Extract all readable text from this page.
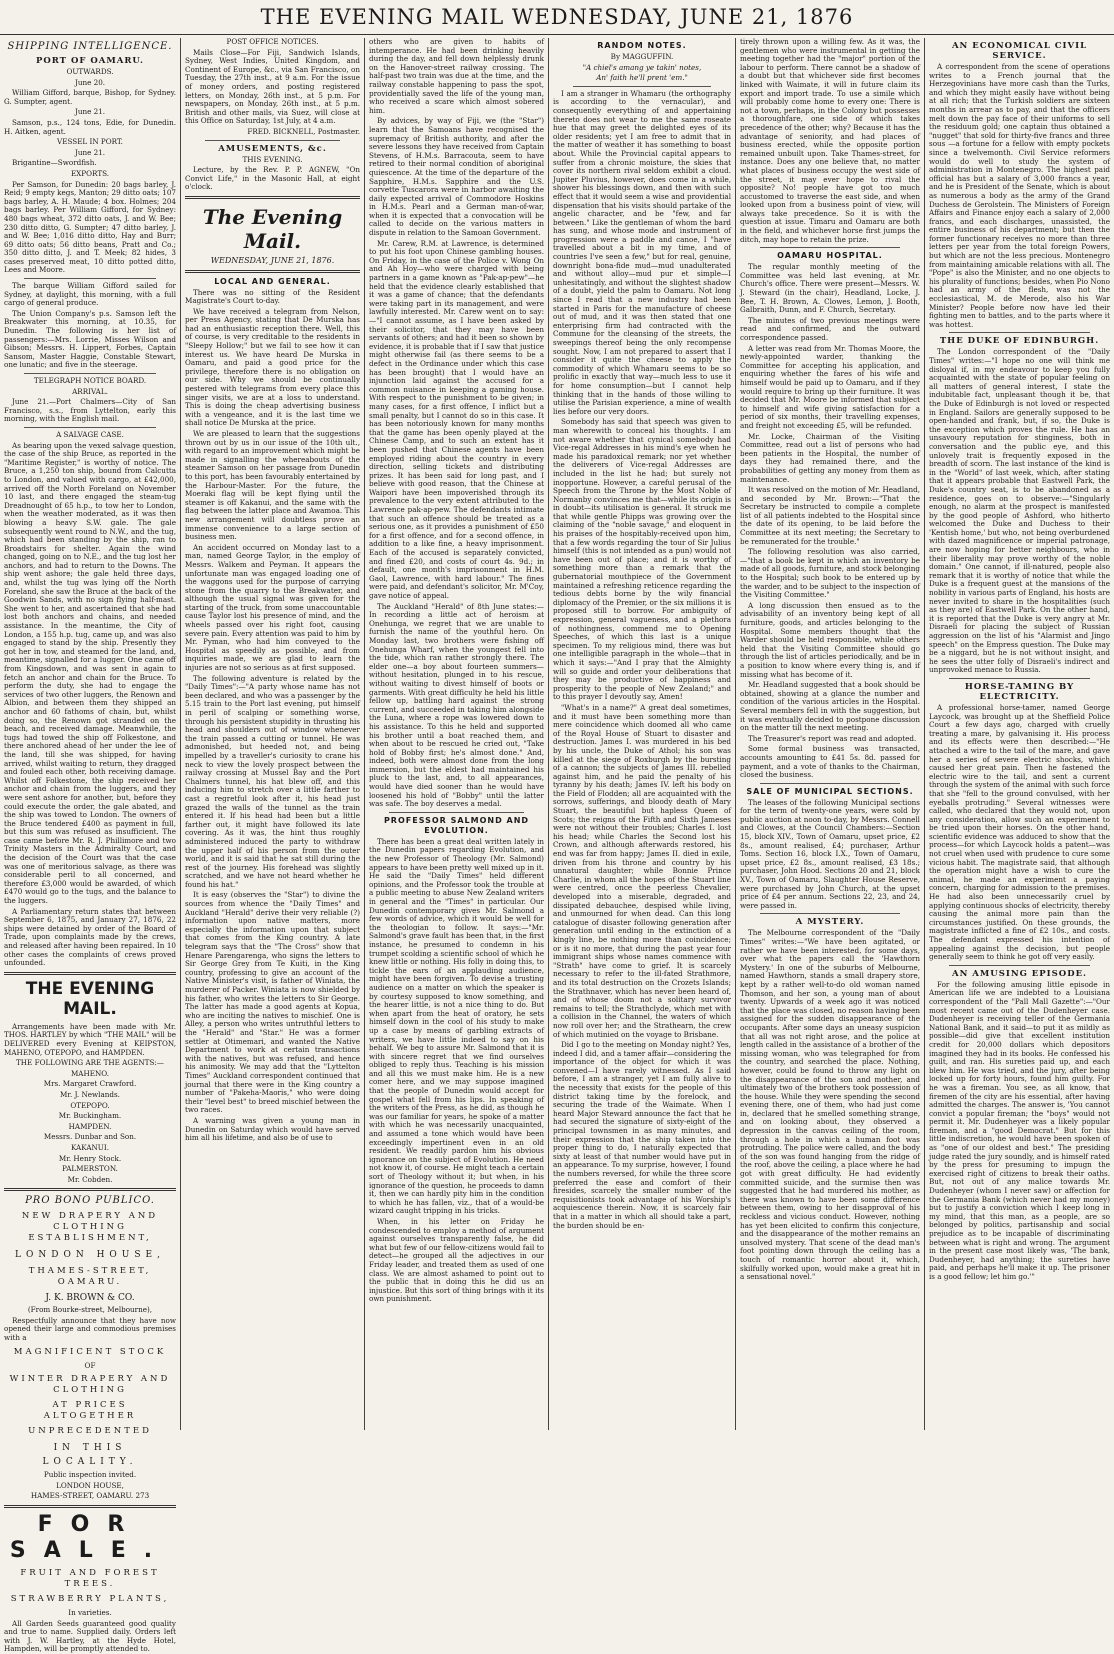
THE EVENING MAIL WEDNESDAY, JUNE 21, 1876
SHIPPING INTELLIGENCE.
PORT OF OAMARU.

OUTWARDS.

June 20.

William Gifford, barque, Bishop, for Sydney. G. Sumpter, agent.

June 21.

Samson, p.s., 124 tons, Edie, for Dunedin. H. Aitken, agent.

VESSEL IN PORT.

June 21.

Brigantine—Swordfish.

EXPORTS.

Per Samson, for Dunedin: 20 bags barley, J. Reid; 9 empty kegs, Manton; 29 ditto oats; 107 bags barley, A. H. Maude; 4 box. Holmes; 204 bags barley. Per William Gifford, for Sydney: 480 bags wheat, 372 ditto oats, J. and W. Bee; 230 ditto ditto, G. Sumpter; 47 ditto barley, J. and W. Bee; 1,016 ditto ditto, Hay and Burr; 69 ditto oats; 56 ditto beans, Pratt and Co.; 350 ditto ditto, J. and T. Meek; 82 hides, 3 cases preserved meat, 10 ditto potted ditto, Lees and Moore.

The barque William Gifford sailed for Sydney, at daylight, this morning, with a full cargo of general produce.

The Union Company's p.s. Samson left the Breakwater this morning, at 10.35, for Dunedin. The following is her list of passengers:—Mrs. Lorrie, Misses Wilson and Gibson; Messrs. H. Lippert, Forbes, Captain Sansom, Master Haggie, Constable Stewart, one lunatic; and five in the steerage.

TELEGRAPH NOTICE BOARD.

ARRIVAL.

June 21.—Port Chalmers—City of San Francisco, s.s., from Lyttelton, early this morning, with the English mail.

A SALVAGE CASE.

As bearing upon the vexed salvage question, the case of the ship Bruce, as reported in the "Maritime Register," is worthy of notice. The Bruce, a 1,250 ton ship, bound from Calcutta to London, and valued with cargo, at £42,000, arrived off the North Foreland on November 10 last, and there engaged the steam-tug Dreadnought of 65 h.p., to tow her to London, when the weather moderated, as it was then blowing a heavy S.W. gale. The gale subsequently went round to N.W., and the tug, which had been standing by the ship, ran to Broadstairs for shelter. Again the wind changed, going on to N.E., and the tug lost her anchors, and had to return to the Downs. The ship went ashore; the gale held three days, and, whilst the tug was lying off the North Foreland, she saw the Bruce at the back of the Goodwin Sands, with no sign flying half-mast. She went to her, and ascertained that she had lost both anchors and chains, and needed assistance. In the meantime, the City of London, a 155 h.p. tug, came up, and was also engaged to stand by the ship. Presently they got her in tow, and steamed for the land, and, meantime, signalled for a lugger. One came off from Kingsdown, and was sent in again to fetch an anchor and chain for the Bruce. To perform the duty, she had to engage the services of two other luggers, the Renown and Albion, and between them they shipped an anchor and 60 fathoms of chain, but, whilst doing so, the Renown got stranded on the beach, and received damage. Meanwhile, the tugs had towed the ship off Folkestone, and there anchored ahead of her under the lee of the land, till she was shipped, for having arrived, whilst waiting to return, they dragged and fouled each other, both receiving damage. Whilst off Folkestone, the ship received her anchor and chain from the luggers, and they were sent ashore for another, but, before they could execute the order, the gale abated, and the ship was towed to London. The owners of the Bruce tendered £400 as payment in full, but this sum was refused as insufficient. The case came before Mr. R. J. Phillimore and two Trinity Masters in the Admiralty Court, and the decision of the Court was that the case was one of meritorious salvage, as there was considerable peril to all concerned, and therefore £3,000 would be awarded, of which £470 would go to the tugs, and the balance to the luggers.

A Parliamentary return states that between September 6, 1875, and January 27, 1876, 22 ships were detained by order of the Board of Trade, upon complaints made by the crews, and released after having been repaired. In 10 other cases the complaints of crews proved unfounded.

THE EVENING MAIL.

Arrangements have been made with Mr. THOS. HARTLEY by which "THE MAIL" will be DELIVERED every Evening at KEIPSTON, MAHENO, OTEPOPO, and HAMPDEN.

THE FOLLOWING ARE THE AGENTS:—

MAHENO.

Mrs. Margaret Crawford.

Mr. J. Newlands.

OTEPOPO.

Mr. Buckingham.

HAMPDEN.

Messrs. Dunbar and Son.

KAKANUI.

Mr. Henry Stock.

PALMERSTON.

Mr. Cobden.

PRO BONO PUBLICO.

NEW DRAPERY AND CLOTHING ESTABLISHMENT,

LONDON HOUSE,

THAMES-STREET, OAMARU.

J. K. BROWN & CO.

(From Bourke-street, Melbourne),

Respectfully announce that they have now opened their large and commodious premises with a

MAGNIFICENT STOCK

OF

WINTER DRAPERY AND CLOTHING

AT PRICES ALTOGETHER

UNPRECEDENTED

IN THIS LOCALITY.

Public inspection invited.

LONDON HOUSE,

HAMES-STREET, OAMARU. 273

FOR SALE.

FRUIT AND FOREST TREES.

STRAWBERRY PLANTS,

In varieties.

All Garden Seeds guaranteed good quality and true to name. Supplied daily. Orders left with J. W. Hartley, at the Hyde Hotel, Hampden, will be promptly attended to.

POST OFFICE NOTICES.

Mails Close—For Fiji, Sandwich Islands, Sydney, West Indies, United Kingdom, and Continent of Europe, &c., via San Francisco, on Tuesday, the 27th inst., at 9 a.m. For the issue of money orders, and posting registered letters, on Monday, 26th inst., at 5 p.m. For newspapers, on Monday, 26th inst., at 5 p.m. British and other mails, via Suez, will close at this Office on Saturday, 1st July, at 4 a.m.

FRED. BICKNELL, Postmaster.

AMUSEMENTS, &c.

THIS EVENING.

Lecture, by the Rev. P. P. AGNEW, "On Convict Life," in the Masonic Hall, at eight o'clock.

The Evening Mail.

WEDNESDAY, JUNE 21, 1876.

LOCAL AND GENERAL.

There was no sitting of the Resident Magistrate's Court to-day.

We have received a telegram from Nelson, per Press Agency, stating that De Murska has had an enthusiastic reception there. Well, this of course, is very creditable to the residents in "Sleepy Hollow;" but we fail to see how it can interest us. We have heard De Murska in Oamaru, and paid a good price for the privilege, therefore there is no obligation on our side. Why we should be continually pestered with telegrams from every place this singer visits, we are at a loss to understand. This is doing the cheap advertising business with a vengeance, and it is the last time we shall notice De Murska at the price.

We are pleased to learn that the suggestions thrown out by us in our issue of the 10th ult., with regard to an improvement which might be made in signalling the whereabouts of the steamer Samson on her passage from Dunedin to this port, has been favourably entertained by the Harbour-Master. For the future, the Moeraki flag will be kept flying until the steamer is off Kakanui, and the same with the flag between the latter place and Awamoa. This new arrangement will doubtless prove an immense convenience to a large section of business men.

An accident occurred on Monday last to a man, named George Taylor, in the employ of Messrs. Walkem and Peyman. It appears the unfortunate man was engaged loading one of the waggons used for the purpose of carrying stone from the quarry to the Breakwater, and although the usual signal was given for the starting of the truck, from some unaccountable cause Taylor lost his presence of mind, and the wheels passed over his right foot, causing severe pain. Every attention was paid to him by Mr. Pyman, who had him conveyed to the Hospital as speedily as possible, and from inquiries made, we are glad to learn the injuries are not so serious as at first supposed.

The following adventure is related by the "Daily Times":—"A party whose name has not been declared, and who was a passenger by the 5.15 train to the Port last evening, put himself in peril of scalping or something worse, through his persistent stupidity in thrusting his head and shoulders out of window whenever the train passed a cutting or tunnel. He was admonished, but heeded not, and being impelled by a traveller's curiosity to crane his neck to view the lovely prospect between the railway crossing at Mussel Bay and the Port Chalmers tunnel, his hat blew off, and this inducing him to stretch over a little farther to cast a regretful look after it, his head just grazed the walls of the tunnel as the train entered it. If his head had been but a little farther out, it might have followed its late covering. As it was, the hint thus roughly administered induced the party to withdraw the upper half of his person from the outer world, and it is said that he sat still during the rest of the journey. His forehead was slightly scratched, and we have not heard whether he found his hat."

It is easy (observes the "Star") to divine the sources from whence the "Daily Times" and Auckland "Herald" derive their very reliable (?) information upon native matters, more especially the information upon that subject that comes from the King country. A late telegram says that the "The Cross" show that Henare Parengarenga, who signs the letters to Sir George Grey from Te Kuiti, in the King country, professing to give an account of the Native Minister's visit, is father of Winiata, the murderer of Packer. Winiata is now shielded by his father, who writes the letters to Sir George. The latter has made a good agents at Kopua, who are inciting the natives to mischief. One is Alley, a person who writes untruthful letters to the "Herald" and "Star." He was a former settler at Otimemari, and wanted the Native Department to work at certain transactions with the natives, but was refused, and hence his animosity. We may add that the "Lyttelton Times" Auckland correspondent continued that journal that there were in the King country a number of "Pakeha-Maoris," who were doing their "level best" to breed mischief between the two races.

A warning was given a young man in Dunedin on Saturday which would have served him all his lifetime, and also be of use to

others who are given to habits of intemperance. He had been drinking heavily during the day, and fell down helplessly drunk on the Hanover-street railway crossing. The half-past two train was due at the time, and the railway constable happening to pass the spot, providentially saved the life of the young man, who received a scare which almost sobered him.

By advices, by way of Fiji, we (the "Star") learn that the Samoans have recognised the supremacy of British authority, and after the severe lessons they have received from Captain Stevens, of H.M.s. Barracouta, seem to have retired to their normal condition of aboriginal quiescence. At the time of the departure of the Sapphire, H.M.s. Sapphire and the U.S. corvette Tuscarora were in harbor awaiting the daily expected arrival of Commodore Hoskins in H.M.s. Pearl and a German man-of-war, when it is expected that a convocation will be called to decide on the various matters in dispute in relation to the Samoan Government.

Mr. Carew, R.M. at Lawrence, is determined to put his foot upon Chinese gambling houses. On Friday, in the case of the Police v. Wong On and Ah Hoy—who were charged with being partners in a game known as "Pak-ap-pew"—he held that the evidence clearly established that it was a game of chance; that the defendants were taking part in its management, and were lawfully interested. Mr. Carew went on to say:—"I cannot assume, as I have been asked by their solicitor, that they may have been servants of others; and had it been so shown by evidence, it is probable that if I saw that justice might otherwise fail (as there seems to be a defect in the Ordinance under which this case has been brought) that I would have an injunction laid against the accused for a common nuisance in keeping a gaming house. With respect to the punishment to be given; in many cases, for a first offence, I inflict but a small penalty, but I cannot do so in this case. It has been notoriously known for many months that the game has been openly played at the Chinese Camp, and to such an extent has it been pushed that Chinese agents have been employed riding about the country in every direction, selling tickets and distributing prizes. It has been said for long past, and I believe with good reason, that the Chinese at Waipori have been impoverished through its prevalence to the very extent attributed to the Lawrence pak-ap-pew. The defendants intimate that such an offence should be treated as a serious one, as it provides a punishment of £50 for a first offence, and for a second offence, in addition to a like fine, a heavy imprisonment. Each of the accused is separately convicted, and fined £20, and costs of court 4s. 9d.; in default, one month's imprisonment in H.M. Gaol, Lawrence, with hard labour." The fines were paid, and defendant's solicitor, Mr. M'Coy, gave notice of appeal.

The Auckland "Herald" of 8th June states:—In recording a little act of heroism at Onehunga, we regret that we are unable to furnish the name of the youthful hero. On Monday last, two brothers were fishing off Onehunga Wharf, when the youngest fell into the tide, which ran rather strongly there. The elder one—a boy about fourteen summers—without hesitation, plunged in to his rescue, without waiting to divest himself of boots or garments. With great difficulty he held his little fellow up, battling hard against the strong current, and succeeded in taking him alongside the Luna, where a rope was lowered down to his assistance. To this he held and supported his brother until a boat reached them, and when about to be rescued he cried out, "Take hold of Bobby first; he's almost done." And, indeed, both were almost done from the long immersion, but the eldest had maintained his pluck to the last, and, to all appearances, would have died sooner than he would have loosened his hold of "Bobby" until the latter was safe. The boy deserves a medal.

PROFESSOR SALMOND AND EVOLUTION.

There has been a great deal written lately in the Dunedin papers regarding Evolution, and the new Professor of Theology (Mr. Salmond) appears to have been pretty well mixed up in it. He said the "Daily Times" held different opinions, and the Professor took the trouble at a public meeting to abuse New Zealand writers in general and the "Times" in particular. Our Dunedin contemporary gives Mr. Salmond a few words of advice, which it would be well for the theologian to follow. It says:—"Mr. Salmond's grave fault has been that, in the first instance, he presumed to condemn in his trumpet scolding a scientific school of which he knew little or nothing. His folly in doing this, to tickle the ears of an applauding audience, might have been forgiven. To devise a trusting audience on a matter on which the speaker is by courtesy supposed to know something, and the hearer little, is not a nice thing to do. But when apart from the heat of oratory, he sets himself down in the cool of his study to make up a case by means of garbling extracts of writers, we have little indeed to say on his behalf. We beg to assure Mr. Salmond that it is with sincere regret that we find ourselves obliged to reply thus. Teaching is his mission and all this we must make him. He is a new comer here, and we may suppose imagined that the people of Dunedin would accept for gospel what fell from his lips. In speaking of the writers of the Press, as he did, as though he was our familiar for years, he spoke of a matter with which he was necessarily unacquainted, and assumed a tone which would have been exceedingly impertinent even in an old resident. We readily pardon him his obvious ignorance on the subject of Evolution. He need not know it, of course. He might teach a certain sort of Theology without it; but when, in his ignorance of the question, he proceeds to damn it, then we can hardly pity him in the condition to which he has fallen, viz., that of a would-be wizard caught tripping in his tricks.

When, in his letter on Friday he condescended to employ a method of argument against ourselves transparently false, he did what but few of our fellow-citizens would fail to detect—he grouped all the adjectives in our Friday leader, and treated them as used of one class. We are almost ashamed to point out to the public that in doing this he did us an injustice. But this sort of thing brings with it its own punishment.

RANDOM NOTES.

By MAGGUFFIN.

"A chiel's amang ye takin' notes,

An' faith he'll prent 'em."

I am a stranger in Whamaru (the orthography is according to the vernacular), and consequently everything of and appertaining thereto does not wear to me the same roseate hue that may greet the delighted eyes of its older residents; yet I am free to admit that in the matter of weather it has something to boast about. While the Provincial capital appears to suffer from a chronic moisture, the skies that cover its northern rival seldom exhibit a cloud. Jupiter Pluvius, however, does come in a while, shower his blessings down, and then with such effect that it would seem a wise and providential dispensation that his visits should partake of the angelic character, and be "few, and far between." Like the gentleman of whom the bard has sung, and whose mode and instrument of progression were a paddle and canoe, I "have travelled about a bit in my time, and of countries I've seen a few," but for real, genuine, downright bona-fide mud—mud unadulterated and without alloy—mud pur et simple—I unhesitatingly, and without the slightest shadow of a doubt, yield the palm to Oamaru. Not long since I read that a new industry had been started in Paris for the manufacture of cheese out of mud, and it was then stated that one enterprising firm had contracted with the Commune for the cleansing of the streets, the sweepings thereof being the only recompense sought. Now, I am not prepared to assert that I consider it quite the cheese to apply the commodity of which Whamaru seems to be so prolific in exactly that way—much less to use it for home consumption—but I cannot help thinking that in the hands of those willing to utilise the Parisian experience, a mine of wealth lies before our very doors.

Somebody has said that speech was given to man wherewith to conceal his thoughts. I am not aware whether that cynical somebody had Vice-regal Addresses in his mind's eye when he made his paradoxical remark; nor yet whether the deliverers of Vice-regal Addresses are included in the list he had; but surely not inopportune. However, a careful perusal of the Speech from the Throne by the Most Noble of Normanby convinces me that—while its origin is in doubt—its utilisation is general. It struck me that while gentle Phipps was growing over the claiming of the "noble savage," and eloquent in his praises of the hospitably-received upon him, that a few words regarding the tour of Sir Julius himself (this is not intended as a pun) would not have been out of place; and it is worthy of something more than a remark that the gubernatorial mouthpiece of the Government maintained a refreshing reticence regarding the tedious debts borne by the wily financial diplomacy of the Premier, or the six millions it is proposed still to borrow. For ambiguity of expression, general vagueness, and a plethora of nothingness, commend me to Opening Speeches, of which this last is a unique specimen. To my religious mind, there was but one intelligible paragraph in the whole—that in which it says:—"And I pray that the Almighty will so guide and order your deliberations that they may be productive of happiness and prosperity to the people of New Zealand;" and to this prayer I devoutly say, Amen!

"What's in a name?" A great deal sometimes, and it must have been something more than mere coincidence which doomed all who came of the Royal House of Stuart to disaster and destruction. James I. was murdered in his bed by his uncle, the Duke of Athol; his son was killed at the siege of Roxburgh by the bursting of a cannon; the subjects of James III. rebelled against him, and he paid the penalty of his tyranny by his death; James IV. left his body on the Field of Flodden; all are acquainted with the sorrows, sufferings, and bloody death of Mary Stuart, the beautiful but hapless Queen of Scots; the reigns of the Fifth and Sixth Jameses were not without their troubles; Charles I. lost his head; while Charles the Second lost his Crown, and although afterwards restored, his end was far from happy; James II. died in exile, driven from his throne and country by his unnatural daughter; while Bonnie Prince Charlie, in whom all the hopes of the Stuart line were centred, once the peerless Chevalier, developed into a miserable, degraded, and dissipated debauchee, despised while living, and unmourned for when dead. Can this long catalogue of disaster following generation after generation until ending in the extinction of a kingly line, be nothing more than coincidence; or is it no more, that during the past year four immigrant ships whose names commence with "Strath" have come to grief. It is scarcely necessary to refer to the ill-fated Strathmore, and its total destruction on the Crozets Islands; the Strathnaver, which has never been heard of, and of whose doom not a solitary survivor remains to tell; the Strathclyde, which met with a collision in the Channel, the waters of which now roll over her; and the Strathearn, the crew of which mutinied on the voyage to Brisbane.

Did I go to the meeting on Monday night? Yes, indeed I did, and a tamer affair—considering the importance of the object for which it was convened—I have rarely witnessed. As I said before, I am a stranger, yet I am fully alive to the necessity that exists for the people of this district taking time by the forelock, and securing the trade of the Waimate. When I heard Major Steward announce the fact that he had secured the signature of sixty-eight of the principal townsmen in as many minutes, and their expression that the ship taken into the proper thing to do, I naturally expected that sixty at least of that number would have put in an appearance. To my surprise, however, I found the numbers reversed, for while the three score preferred the ease and comfort of their firesides, scarcely the smaller number of the requisitionists took advantage of his Worship's acquiescence therein. Now, it is scarcely fair that in a matter in which all should take a part, the burden should be en-

tirely thrown upon a willing few. As it was, the gentlemen who were instrumental in getting the meeting together had the "major" portion of the labour to perform. There cannot be a shadow of a doubt but that whichever side first becomes linked with Waimate, it will in future claim its export and import trade. To use a simile which will probably come home to every one: There is not a town, perhaps, in the Colony but possesses a thoroughfare, one side of which takes precedence of the other; why? Because it has the advantage of seniority, and had places of business erected, while the opposite portion remained unbuilt upon. Take Thames-street, for instance. Does any one believe that, no matter what places of business occupy the west side of the street, it may ever hope to rival the opposite? No! people have got too much accustomed to traverse the east side, and when looked upon from a business point of view, will always take precedence. So it is with the question at issue. Timaru and Oamaru are both in the field, and whichever horse first jumps the ditch, may hope to retain the prize.

OAMARU HOSPITAL.

The regular monthly meeting of the Committee was held last evening, at Mr. Church's office. There were present—Messrs. W. J. Steward (in the chair), Headland, Locke, J. Bee, T. H. Brown, A. Clowes, Lemon, J. Booth, Galbraith, Dunn, and F. Church, Secretary.

The minutes of two previous meetings were read and confirmed, and the outward correspondence passed.

A letter was read from Mr. Thomas Moore, the newly-appointed warder, thanking the Committee for accepting his application, and enquiring whether the fares of his wife and himself would be paid up to Oamaru, and if they would require to bring up their furniture. It was decided that Mr. Moore be informed that subject to himself and wife giving satisfaction for a period of six months, their travelling expenses, and freight not exceeding £5, will be refunded.

Mr. Locke, Chairman of the Visiting Committee, read out a list of persons who had been patients in the Hospital, the number of days they had remained there, and the probabilities of getting any money from them as maintenance.

It was resolved on the motion of Mr. Headland, and seconded by Mr. Brown:—"That the Secretary be instructed to compile a complete list of all patients indebted to the Hospital since the date of its opening, to be laid before the Committee at its next meeting; the Secretary to be remunerated for the trouble."

The following resolution was also carried, —"that a book be kept in which an inventory be made of all goods, furniture, and stock belonging to the Hospital; such book to be entered up by the warder, and to be subject to the inspection of the Visiting Committee."

A long discussion then ensued as to the advisability of an inventory being kept of all furniture, goods, and articles belonging to the Hospital. Some members thought that the Warder should be held responsible, while others held that the Visiting Committee should go through the list of articles periodically, and be in a position to know where every thing is, and if missing what has become of it.

Mr. Headland suggested that a book should be obtained, showing at a glance the number and condition of the various articles in the Hospital. Several members fell in with the suggestion, but it was eventually decided to postpone discussion on the matter till the next meeting.

The Treasurer's report was read and adopted.

Some formal business was transacted, accounts amounting to £41 5s. 8d. passed for payment, and a vote of thanks to the Chairman, closed the business.

SALE OF MUNICIPAL SECTIONS.

The leases of the following Municipal sections for the term of twenty-one years, were sold by public auction at noon to-day, by Messrs. Connell and Clowes, at the Council Chambers:—Section 15, block XIV., Town of Oamaru, upset price, £2 8s., amount realised, £4; purchaser, Arthur Toms. Section 16, block I.X., Town of Oamaru, upset price, £2 8s., amount realised, £3 18s.; purchaser, John Hood. Sections 20 and 21, block XV., Town of Oamaru, Slaughter House Reserve, were purchased by John Church, at the upset price of £4 per annum. Sections 22, 23, and 24, were passed in.

A MYSTERY.

The Melbourne correspondent of the "Daily Times" writes:—"We have been agitated, or rather we have been interested, for some days, over what the papers call the 'Hawthorn Mystery.' In one of the suburbs of Melbourne, named Hawthorn, stands a small drapery store, kept by a rather well-to-do old woman named Thomson, and her son, a young man of about twenty. Upwards of a week ago it was noticed that the place was closed, no reason having been assigned for the sudden disappearance of the occupants. After some days an uneasy suspicion that all was not right arose, and the police at length called in the assistance of a brother of the missing woman, who was telegraphed for from the country, and searched the place. Nothing, however, could be found to throw any light on the disappearance of the son and mother, and ultimately two of the brothers took possession of the house. While they were spending the second evening there, one of them, who had just come in, declared that he smelled something strange, and on looking about, they observed a depression in the canvas ceiling of the room, through a hole in which a human foot was protruding. The police were called, and the body of the son was found hanging from the ridge of the roof, above the ceiling, a place where he had got with great difficulty. He had evidently committed suicide, and the surmise then was suggested that he had murdered his mother, as there was known to have been some difference between them, owing to her disapproval of his reckless and vicious conduct. However, nothing has yet been elicited to confirm this conjecture, and the disappearance of the mother remains an unsolved mystery. That scene of the dead man's foot pointing down through the ceiling has a touch of romantic horror about it, which, skilfully worked upon, would make a great hit in a sensational novel."

AN ECONOMICAL CIVIL SERVICE.

A correspondent from the scene of operations writes to a French journal that the Herzegovinians have more cash than the Turks, and which they might easily have without being at all rich; that the Turkish soldiers are sixteen months in arrear as to pay, and that the officers melt down the pay face of their uniforms to sell the residuum gold; one captain thus obtained a "nugget" that sold for thirty-five francs and three sous —a fortune for a fellow with empty pockets since a twelvemonth. Civil Service reformers would do well to study the system of administration in Montenegro. The highest paid official has but a salary of 3,000 francs a year, and he is President of the Senate, which is about as numerous a body as the army of the Grand Duchess de Gerolstein. The Ministers of Foreign Affairs and Finance enjoy each a salary of 2,000 francs, and each discharges, unassisted, the entire business of his department; but then the former functionary receives no more than three letters per year from the total foreign Powers, but which are not the less precious. Montenegro from maintaining amicable relations with all. The "Pope" is also the Minister, and no one objects to his plurality of functions; besides, when Pio Nono had an army of the flesh, was not the ecclesiastical, M. de Merode, also his War Minister? People before now have led their fighting men to battles, and to the parts where it was hottest.

THE DUKE OF EDINBURGH.

The London correspondent of the "Daily Times" writes:—"I hope no one will think me disloyal if, in my endeavour to keep you fully acquainted with the state of popular feeling on all matters of general interest, I state the indubitable fact, unpleasant though it be, that the Duke of Edinburgh is not loved or respected in England. Sailors are generally supposed to be open-handed and frank, but, if so, the Duke is the exception which proves the rule. He has an unsavoury reputation for stinginess, both in conversation and the public eye, and this unlovely trait is frequently exposed in the breadth of scorn. The last instance of the kind is in the "World" of last week, which, after stating that it appears probable that Eastwell Park, the Duke's country seat, is to be abandoned as a residence, goes on to observe:—"Singularly enough, no alarm at the prospect is manifested by the good people of Ashford, who hitherto welcomed the Duke and Duchess to their 'Kentish home,' but who, not being overburdened with dazed magnificence or imperial patronage, are now hoping for better neighbours, who in their liberality may prove worthy of the noble domain." One cannot, if ill-natured, people also remark that it is worthy of notice that while the Duke is a frequent guest at the mansions of the nobility in various parts of England, his hosts are never invited to share in the hospitalities (such as they are) of Eastwell Park. On the other hand, it is reported that the Duke is very angry at Mr. Disraeli for placing the subject of Russian aggression on the list of his "Alarmist and Jingo speech" on the Empress question. The Duke may be a niggard, but he is not without insight, and he sees the utter folly of Disraeli's indirect and unprovoked menace to Russia.

HORSE-TAMING BY ELECTRICITY.

A professional horse-tamer, named George Laycock, was brought up at the Sheffield Police Court a few days ago, charged with cruelly treating a mare, by galvanising it. His process and its effects were then described:—"He attached a wire to the tail of the mare, and gave her a series of severe electric shocks, which caused her great pain. Then he fastened the electric wire to the tail, and sent a current through the system of the animal with such force that she "fell to the ground convulsed, with her eyeballs protruding." Several witnesses were called, who declared that they would not, upon any consideration, allow such an experiment to be tried upon their horses. On the other hand, scientific evidence was adduced to show that the process—for which Laycock holds a patent—was not cruel when used with prudence to cure some vicious habit. The magistrate said, that although the operation might have a wish to cure the animal, he made an experiment a paying concern, charging for admission to the premises. He had also been unnecessarily cruel by applying continuous shocks of electricity, thereby causing the animal more pain than the circumstances justified. On these grounds, the magistrate inflicted a fine of £2 10s., and costs. The defendant expressed his intention of appealing against the decision, but people generally seem to think he got off very easily.

AN AMUSING EPISODE.

For the following amusing little episode in American life we are indebted to a Louisiana correspondent of the "Pall Mall Gazette":—"Our most recent came out of the Dudenheyer case. Dudenheyer is receiving teller of the Germania National Bank, and it said—to put it as mildly as possible—did give that excellent institution credit for 20,000 dollars which depositors imagined they had in its books. He confessed his guilt, and ran. His sureties paid up, and each blew him. He was tried, and the jury, after being locked up for forty hours, found him guilty. For he was a fireman. You see, as all know, that firemen of the city are his essential, after having admitted the charges. The answer is, 'You cannot convict a popular fireman; the "boys" would not permit it. Mr. Dudenheyer was a likely popular fireman, and a "good Democrat." But for this little indiscretion, he would have been spoken of as "one of our oldest and best." The presiding judge rated the jury soundly, and is himself rated by the press for presuming to impugn the exercised right of citizens to break their oaths. But, not out of any malice towards Mr. Dudenheyer (whom I never saw) or affection for the Germania Bank (which never had my money) but to justify a conviction which I keep long in my mind, that this man, as a people, are so belonged by politics, partisanship and social prejudice as to be incapable of discriminating between what is right and wrong. The argument in the present case most likely was, 'The bank, Dudenheyer, had anything; the sureties have paid, and perhaps he'll make it up. The prisoner is a good fellow; let him go.'"
